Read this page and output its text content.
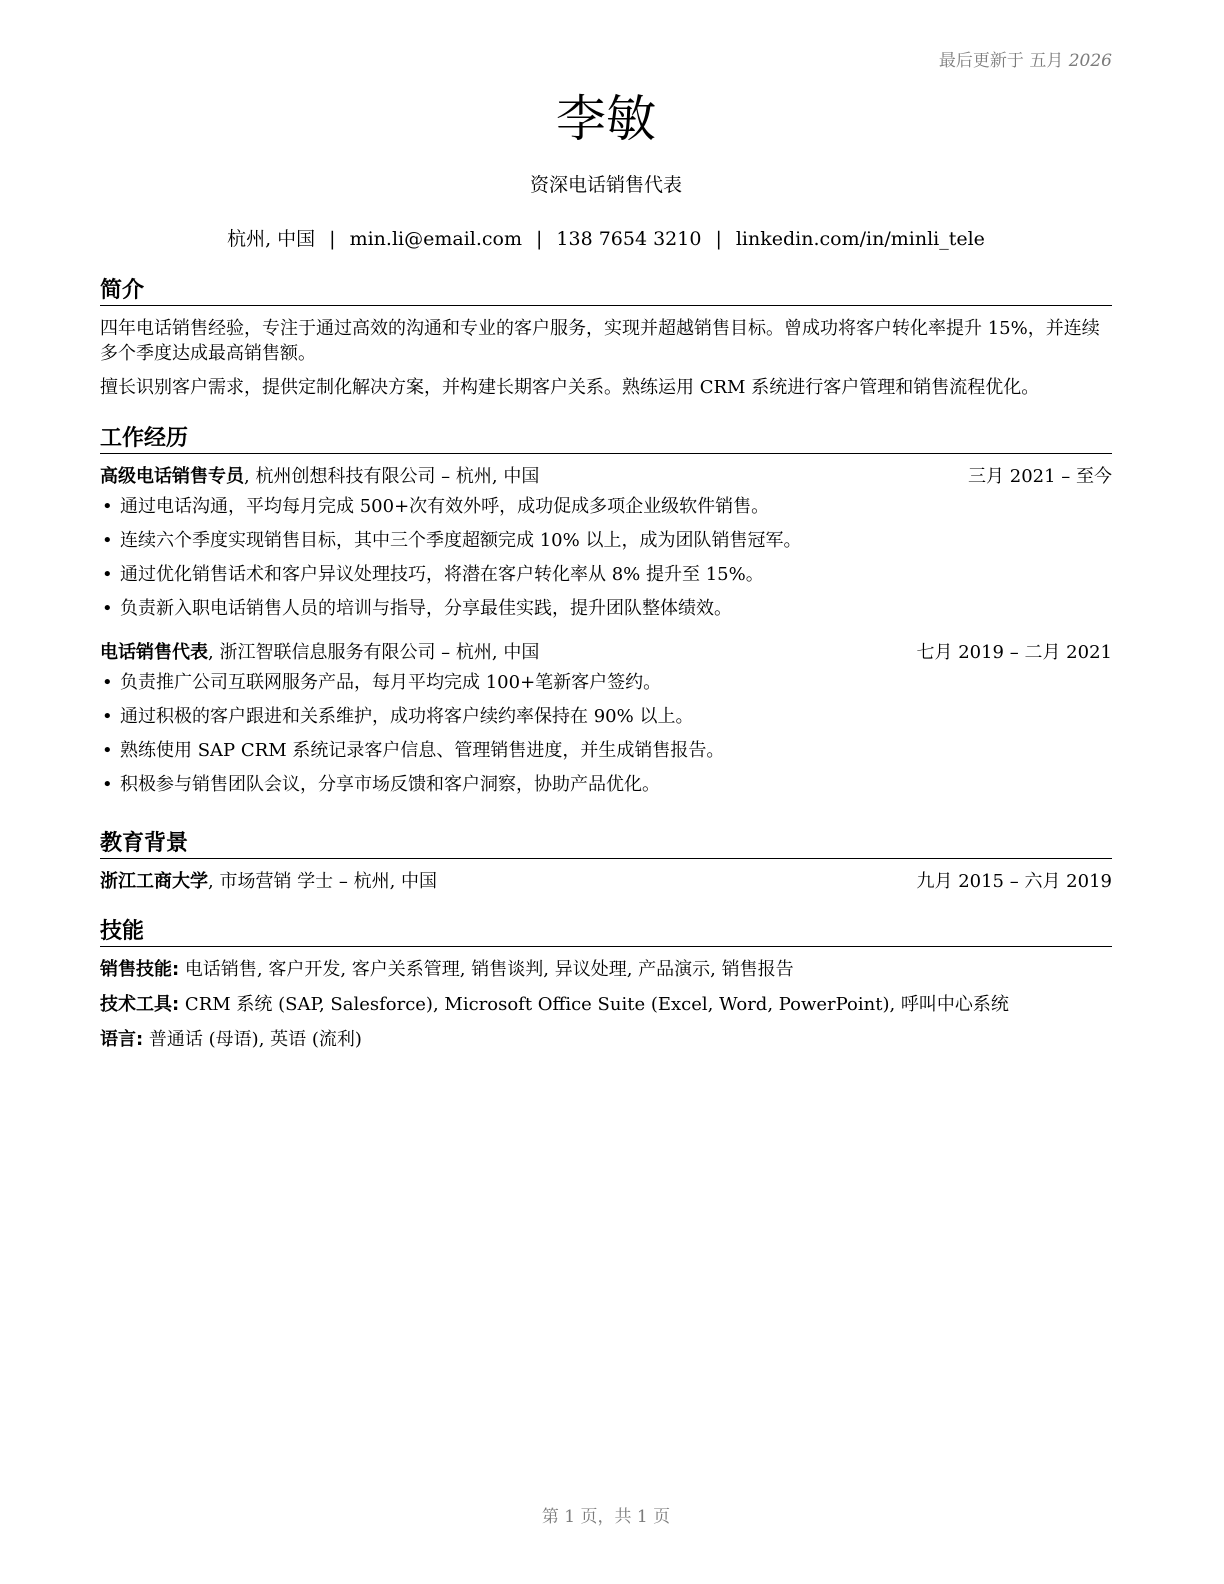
最后更新于 五月 2026
李敏
资深电话销售代表
杭州, 中国 | min.li@email.com | 138 7654 3210 | linkedin.com/in/minli_tele
简介

四年电话销售经验，专注于通过高效的沟通和专业的客户服务，实现并超越销售目标。曾成功将客户转化率提升 15%，并连续多个季度达成最高销售额。

擅长识别客户需求，提供定制化解决方案，并构建长期客户关系。熟练运用 CRM 系统进行客户管理和销售流程优化。

工作经历
高级电话销售专员, 杭州创想科技有限公司 – 杭州, 中国	三月 2021 – 至今
• 通过电话沟通，平均每月完成 500+次有效外呼，成功促成多项企业级软件销售。
• 连续六个季度实现销售目标，其中三个季度超额完成 10% 以上，成为团队销售冠军。
• 通过优化销售话术和客户异议处理技巧，将潜在客户转化率从 8% 提升至 15%。
• 负责新入职电话销售人员的培训与指导，分享最佳实践，提升团队整体绩效。
电话销售代表, 浙江智联信息服务有限公司 – 杭州, 中国	七月 2019 – 二月 2021
• 负责推广公司互联网服务产品，每月平均完成 100+笔新客户签约。
• 通过积极的客户跟进和关系维护，成功将客户续约率保持在 90% 以上。
• 熟练使用 SAP CRM 系统记录客户信息、管理销售进度，并生成销售报告。
• 积极参与销售团队会议，分享市场反馈和客户洞察，协助产品优化。
教育背景
浙江工商大学, 市场营销 学士 – 杭州, 中国	九月 2015 – 六月 2019
技能
销售技能: 电话销售, 客户开发, 客户关系管理, 销售谈判, 异议处理, 产品演示, 销售报告
技术工具: CRM 系统 (SAP, Salesforce), Microsoft Office Suite (Excel, Word, PowerPoint), 呼叫中心系统
语言: 普通话 (母语), 英语 (流利)
第 1 页，共 1 页
